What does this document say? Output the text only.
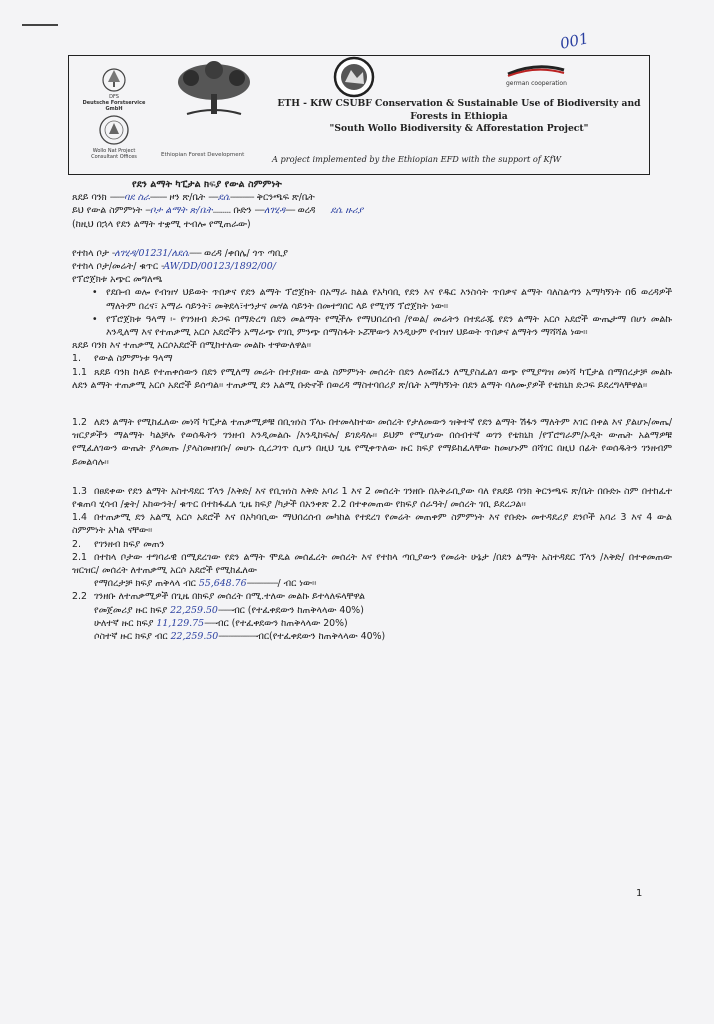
001
DFS
Deutsche Forstservice GmbH
Wollo Nat Project Consultant Offices
german cooperation
ETH - KfW CSUBF Conservation & Sustainable Use of Biodiversity and
Forests in Ethiopia
"South Wollo Biodiversity & Afforestation Project"
Ethiopian Forest Development	A project implemented by the Ethiopian EFD with the support of KfW
የደን ልማት ካፒታል ክፍያ የውል ስምምነት
ጸደይ ባንክ ------ባደ ስራ------- ዞን ጽ/ቤት ----ደሴ---------- ቅርንጫፍ ጽ/ቤት
ይህ የውል ስምምነት --ቦታ ልማት ጽ/ቤት......... ቡድን ----ለገሂዳ---- ወረዳ ደሴ ዙሪያ
(ከዚህ በኋላ የደን ልማት ተቋሚ ተብሎ የሚጠራው)
የተከላ ቦታ -ለገሂዳ/01231/ለደሴ----- ወረዳ /ቀበሌ/ ጎጥ ጣቢያ
የተከላ ቦታ/መሬት/ ቁጥር -AW/DD/00123/1892/00/
የፕሮጀክቱ አጭር መግለጫ
• የደቡብ ወሎ የብዝሃ ህይወት ጥበቃና የደን ልማት ፕሮጀክት በአማራ ክልል የአካባቢ የደን እና የዱር እንስሳት ጥበቃና ልማት ባለስልጣን አማካኝነት በ6 ወረዳዎች ማለትም በረና፣ አማራ ሳይንት፣ መቅደላ፣ተንታና መሃል ሳይንት በመተግበር ላይ የሚገኝ ፕሮጀክት ነው።
• የፕሮጀክቱ ዓላማ ፡- የገንዘብ ድጋፍ በማድረግ በደን መልማት የሚችሉ የማህበረሰብ /የወል/ መሬትን በተደራጁ የደን ልማት አርሶ አደሮች ውጤታማ በሆነ መልኩ እንዲለማ እና የተጠቃሚ አርሶ አደሮችን አማራጭ የገቢ ምንጭ በማስፋት ኑሯቸውን እንዲሁም የብዝሃ ህይወት ጥበቃና ልማትን ማሻሻል ነው።
ጸደይ ባንክ እና ተጠቃሚ አርሶአደሮች በሚከተለው መልኩ ተዋውለዋል፡፡
1. የውል ስምምነቱ ዓላማ
1.1 ጸደይ ባንክ ከላይ የተጠቀሰውን በደን የሚለማ መሬት በተያዘው ውል ስምምነት መሰረት በደን ለመሸፈን ለሚያስፈልገ ወጭ የሚያግዝ መነሻ ካፒታል በማበረታቻ መልኩ ለደን ልማት ተጠቃሚ አርሶ አደሮች ይሰጣል፡፡ ተጠቃሚ ደን አልሚ ቡድኖች በወረዳ ማስተባበሪያ ጽ/ቤት አማካኝነት በደን ልማት ባለሙያዎች የቴክኒክ ድጋፍ ይደረግላቸዋል፡፡
1.2 ለደን ልማት የሚከፈለው መነሻ ካፒታል ተጠቃሚዎቹ በቢዝነስ ፕላኑ በተመላከተው መሰረት የታለመውን ዝቅተኛ የደን ልማት ሽፋን ማለትም እገር በቀል እና ያልሆኑ/መጤ/ ዝርያዎችን ማልማት ካልቻሉ የወሰዱትን ገንዘብ እንዲመልሱ /እንዲከፍሉ/ ይገደዳሉ፡፡ ይህም የሚሆነው በሰብተኛ ወገን የቴክኒክ /የፕሮግራም/ኦዲት ውጤት አልማዎቹ የሚፈለገውን ውጤት ያላመጡ /ያላስመዘገቡ/ መሆኑ ሲረጋገጥ ሲሆን በዚህ ጊዜ የሚቀጥለው ዙር ክፍያ የማይከፈላቸው ከመሆኑም በሻገር በዚህ በፊት የወሰዱትን ገንዘብም ይመልሳሉ፡፡
1.3 በፀደቀው የደን ልማት አስተዳደር ፕላን /እቅድ/ እና የቢዝነስ እቅድ አባሪ 1 እና 2 መሰረት ገንዘቡ በአቅራቢያው ባለ የጸደይ ባንክ ቅርንጫፍ ጽ/ቤት በቡድኑ ስም በተከፈተ የቁጠባ ሂሳብ /ቋት/ አከውንት/ ቁጥር በተከፋፈለ ጊዜ ክፍያ /ካታች በአንቀጽ 2.2 በተቀመጠው የክፍያ ሰራዓት/ መሰረት ገቢ ይደረጋል፡፡
1.4 በተጠቃሚ ደን አልሚ አርሶ አደሮች እና በአካባቢው ማህበረሰብ መካከል የተደረገ የመሬት መጠቀም ስምምነት እና የቡድኑ መተዳደሪያ ደንቦች አባሪ 3 እና 4 ውል ስምምነት አካል ናቸው፡፡
2. የገንዘብ ክፍያ መጠን
2.1 በተከላ ቦታው ተግባራዊ በሚደረገው የደን ልማት ሞዴል መሰፈረት መሰረት እና የተከላ ጣቢያውን የመሬት ሁኔታ /በደን ልማት አስተዳደር ፕላን /እቅድ/ በተቀመጠው ዝርዝር/ መሰረት ለተጠቃሚ አርሶ አደሮች የሚከፈለው
የማበረታቻ ክፍያ ጠቅላላ ብር 55,648.76-------------/ ብር ነው፡፡
2.2 ገንዘቡ ለተጠቃሚዎች በጊዜ በክፍያ መሰረት በሚ.ተለው መልኩ ይተላለፍላቸዋል
የመጀመሪያ ዙር ክፍያ 22,259.50------ብር (የተፈቀደውን ከጠቅላላው 40%)
ሁለተኛ ዙር ክፍያ 11,129.75-----ብር (የተፈቀደውን ከጠቅላላው 20%)
ሶስተኛ ዙር ክፍያ ብር 22,259.50----------------ብር(የተፈቀደውን ከጠቅላላው 40%)
1
